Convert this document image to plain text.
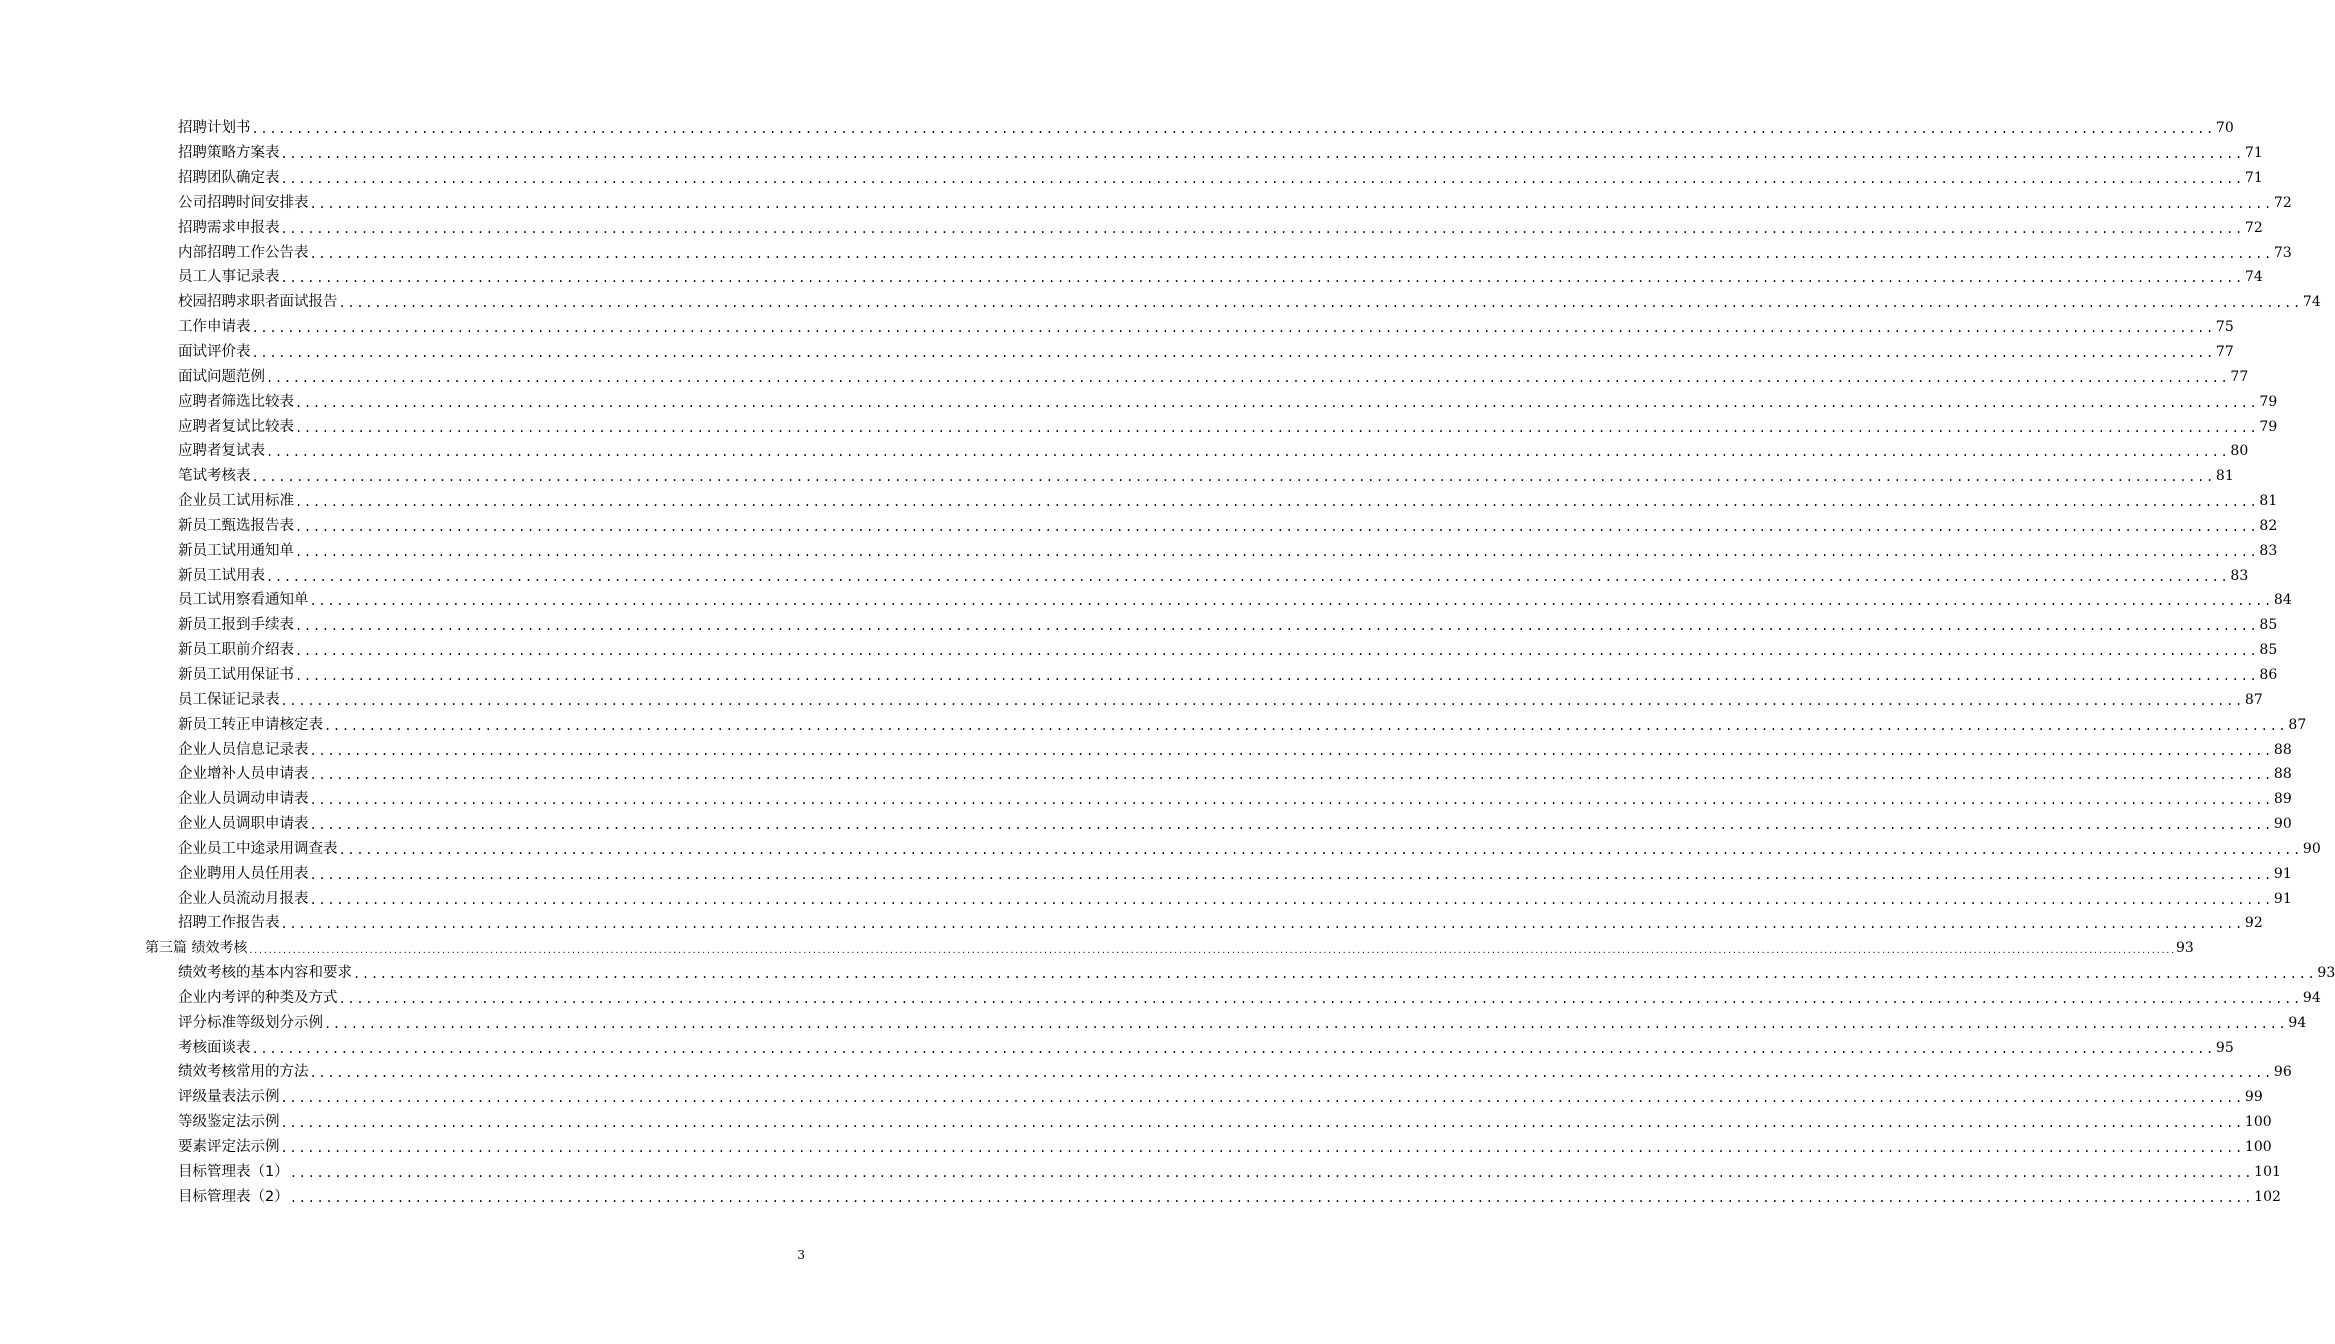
招聘计划书 ............................................................................................................................................................................................................................ 70
招聘策略方案表 ............................................................................................................................................................................................................................ 71
招聘团队确定表 ............................................................................................................................................................................................................................ 71
公司招聘时间安排表 ............................................................................................................................................................................................................................ 72
招聘需求申报表 ............................................................................................................................................................................................................................ 72
内部招聘工作公告表 ............................................................................................................................................................................................................................ 73
员工人事记录表 ............................................................................................................................................................................................................................ 74
校园招聘求职者面试报告 ............................................................................................................................................................................................................................ 74
工作申请表 ............................................................................................................................................................................................................................ 75
面试评价表 ............................................................................................................................................................................................................................ 77
面试问题范例 ............................................................................................................................................................................................................................ 77
应聘者筛选比较表 ............................................................................................................................................................................................................................ 79
应聘者复试比较表 ............................................................................................................................................................................................................................ 79
应聘者复试表 ............................................................................................................................................................................................................................ 80
笔试考核表 ............................................................................................................................................................................................................................ 81
企业员工试用标准 ............................................................................................................................................................................................................................ 81
新员工甄选报告表 ............................................................................................................................................................................................................................ 82
新员工试用通知单 ............................................................................................................................................................................................................................ 83
新员工试用表 ............................................................................................................................................................................................................................ 83
员工试用察看通知单 ............................................................................................................................................................................................................................ 84
新员工报到手续表 ............................................................................................................................................................................................................................ 85
新员工职前介绍表 ............................................................................................................................................................................................................................ 85
新员工试用保证书 ............................................................................................................................................................................................................................ 86
员工保证记录表 ............................................................................................................................................................................................................................ 87
新员工转正申请核定表 ............................................................................................................................................................................................................................ 87
企业人员信息记录表 ............................................................................................................................................................................................................................ 88
企业增补人员申请表 ............................................................................................................................................................................................................................ 88
企业人员调动申请表 ............................................................................................................................................................................................................................ 89
企业人员调职申请表 ............................................................................................................................................................................................................................ 90
企业员工中途录用调查表 ............................................................................................................................................................................................................................ 90
企业聘用人员任用表 ............................................................................................................................................................................................................................ 91
企业人员流动月报表 ............................................................................................................................................................................................................................ 91
招聘工作报告表 ............................................................................................................................................................................................................................ 92
第三篇 绩效考核 ................................................................................................................................................................................................................................................................................................................................................................................................................ 93
绩效考核的基本内容和要求 ............................................................................................................................................................................................................................ 93
企业内考评的种类及方式 ............................................................................................................................................................................................................................ 94
评分标准等级划分示例 ............................................................................................................................................................................................................................ 94
考核面谈表 ............................................................................................................................................................................................................................ 95
绩效考核常用的方法 ............................................................................................................................................................................................................................ 96
评级量表法示例 ............................................................................................................................................................................................................................ 99
等级鉴定法示例 ............................................................................................................................................................................................................................ 100
要素评定法示例 ............................................................................................................................................................................................................................ 100
目标管理表（1） ............................................................................................................................................................................................................................ 101
目标管理表（2） ............................................................................................................................................................................................................................ 102
3
